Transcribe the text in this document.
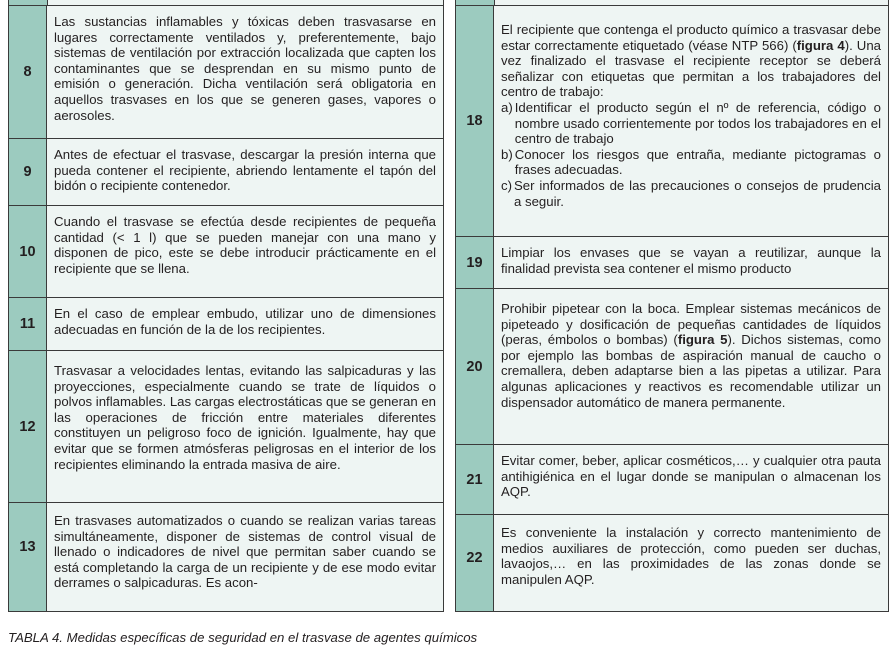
8
Las sustancias inflamables y tóxicas deben trasvasarse en lugares correctamente ventilados y, preferentemente, bajo sistemas de ventilación por extracción localizada que capten los contaminantes que se desprendan en su mismo punto de emisión o generación. Dicha ventilación será obligatoria en aquellos trasvases en los que se generen gases, vapores o aerosoles.
9
Antes de efectuar el trasvase, descargar la presión interna que pueda contener el recipiente, abriendo lentamente el tapón del bidón o recipiente contenedor.
10
Cuando el trasvase se efectúa desde recipientes de pequeña cantidad (< 1 l) que se pueden manejar con una mano y disponen de pico, este se debe introducir prácticamente en el recipiente que se llena.
11
En el caso de emplear embudo, utilizar uno de dimensiones adecuadas en función de la de los recipientes.
12
Trasvasar a velocidades lentas, evitando las salpicaduras y las proyecciones, especialmente cuando se trate de líquidos o polvos inflamables. Las cargas electrostáticas que se generan en las operaciones de fricción entre materiales diferentes constituyen un peligroso foco de ignición. Igualmente, hay que evitar que se formen atmósferas peligrosas en el interior de los recipientes eliminando la entrada masiva de aire.
13
En trasvases automatizados o cuando se realizan varias tareas simultáneamente, disponer de sistemas de control visual de llenado o indicadores de nivel que permitan saber cuando se está completando la carga de un recipiente y de ese modo evitar derrames o salpicaduras. Es acon-
18
El recipiente que contenga el producto químico a trasvasar debe estar correctamente etiquetado (véase NTP 566) (figura 4). Una vez finalizado el trasvase el recipiente receptor se deberá señalizar con etiquetas que permitan a los trabajadores del centro de trabajo:
a) Identificar el producto según el nº de referencia, código o nombre usado corrientemente por todos los trabajadores en el centro de trabajo
b) Conocer los riesgos que entraña, mediante pictogramas o frases adecuadas.
c) Ser informados de las precauciones o consejos de prudencia a seguir.
19
Limpiar los envases que se vayan a reutilizar, aunque la finalidad prevista sea contener el mismo producto
20
Prohibir pipetear con la boca. Emplear sistemas mecánicos de pipeteado y dosificación de pequeñas cantidades de líquidos (peras, émbolos o bombas) (figura 5). Dichos sistemas, como por ejemplo las bombas de aspiración manual de caucho o cremallera, deben adaptarse bien a las pipetas a utilizar. Para algunas aplicaciones y reactivos es recomendable utilizar un dispensador automático de manera permanente.
21
Evitar comer, beber, aplicar cosméticos,… y cualquier otra pauta antihigiénica en el lugar donde se manipulan o almacenan los AQP.
22
Es conveniente la instalación y correcto mantenimiento de medios auxiliares de protección, como pueden ser duchas, lavaojos,… en las proximidades de las zonas donde se manipulen AQP.
TABLA 4. Medidas específicas de seguridad en el trasvase de agentes químicos
